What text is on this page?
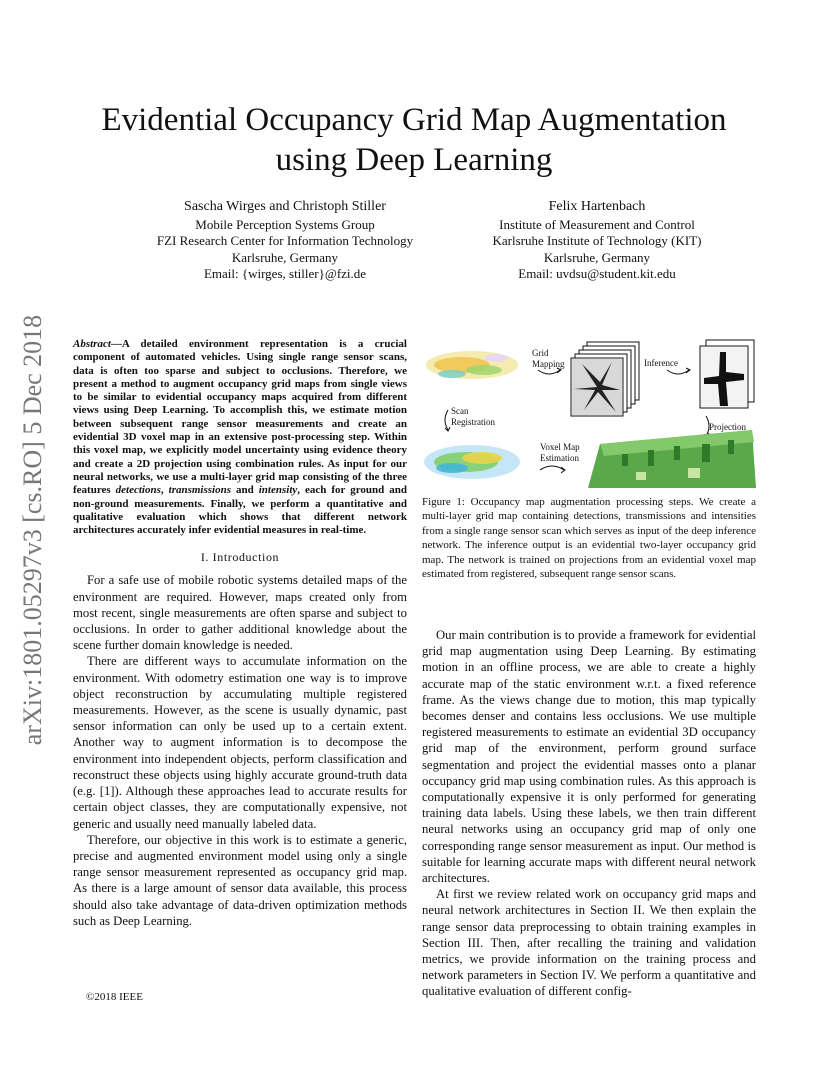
arXiv:1801.05297v3 [cs.RO] 5 Dec 2018
Evidential Occupancy Grid Map Augmentation
using Deep Learning
Sascha Wirges and Christoph Stiller
Mobile Perception Systems Group
FZI Research Center for Information Technology
Karlsruhe, Germany
Email: {wirges, stiller}@fzi.de
Felix Hartenbach
Institute of Measurement and Control
Karlsruhe Institute of Technology (KIT)
Karlsruhe, Germany
Email: uvdsu@student.kit.edu
Abstract—A detailed environment representation is a crucial component of automated vehicles. Using single range sensor scans, data is often too sparse and subject to occlusions. Therefore, we present a method to augment occupancy grid maps from single views to be similar to evidential occupancy maps acquired from different views using Deep Learning. To accomplish this, we estimate motion between subsequent range sensor measurements and create an evidential 3D voxel map in an extensive post-processing step. Within this voxel map, we explicitly model uncertainty using evidence theory and create a 2D projection using combination rules. As input for our neural networks, we use a multi-layer grid map consisting of the three features detections, transmissions and intensity, each for ground and non-ground measurements. Finally, we perform a quantitative and qualitative evaluation which shows that different network architectures accurately infer evidential measures in real-time.
I. Introduction

For a safe use of mobile robotic systems detailed maps of the environment are required. However, maps created only from most recent, single measurements are often sparse and subject to occlusions. In order to gather additional knowledge about the scene further domain knowledge is needed.

There are different ways to accumulate information on the environment. With odometry estimation one way is to improve object reconstruction by accumulating multiple registered measurements. However, as the scene is usually dynamic, past sensor information can only be used up to a certain extent. Another way to augment information is to decompose the environment into independent objects, perform classification and reconstruct these objects using highly accurate ground-truth data (e.g. [1]). Although these approaches lead to accurate results for certain object classes, they are computationally expensive, not generic and usually need manually labeled data.

Therefore, our objective in this work is to estimate a generic, precise and augmented environment model using only a single range sensor measurement represented as occupancy grid map. As there is a large amount of sensor data available, this process should also take advantage of data-driven optimization methods such as Deep Learning.

©2018 IEEE
Grid
Mapping	Inference
Scan
Registration
Projection
Voxel Map
Estimation
Figure 1: Occupancy map augmentation processing steps. We create a multi-layer grid map containing detections, transmissions and intensities from a single range sensor scan which serves as input of the deep inference network. The inference output is an evidential two-layer occupancy grid map. The network is trained on projections from an evidential voxel map estimated from registered, subsequent range sensor scans.

Our main contribution is to provide a framework for evidential grid map augmentation using Deep Learning. By estimating motion in an offline process, we are able to create a highly accurate map of the static environment w.r.t. a fixed reference frame. As the views change due to motion, this map typically becomes denser and contains less occlusions. We use multiple registered measurements to estimate an evidential 3D occupancy grid map of the environment, perform ground surface segmentation and project the evidential masses onto a planar occupancy grid map using combination rules. As this approach is computationally expensive it is only performed for generating training data labels. Using these labels, we then train different neural networks using an occupancy grid map of only one corresponding range sensor measurement as input. Our method is suitable for learning accurate maps with different neural network architectures.

At first we review related work on occupancy grid maps and neural network architectures in Section II. We then explain the range sensor data preprocessing to obtain training examples in Section III. Then, after recalling the training and validation metrics, we provide information on the training process and network parameters in Section IV. We perform a quantitative and qualitative evaluation of different config-
